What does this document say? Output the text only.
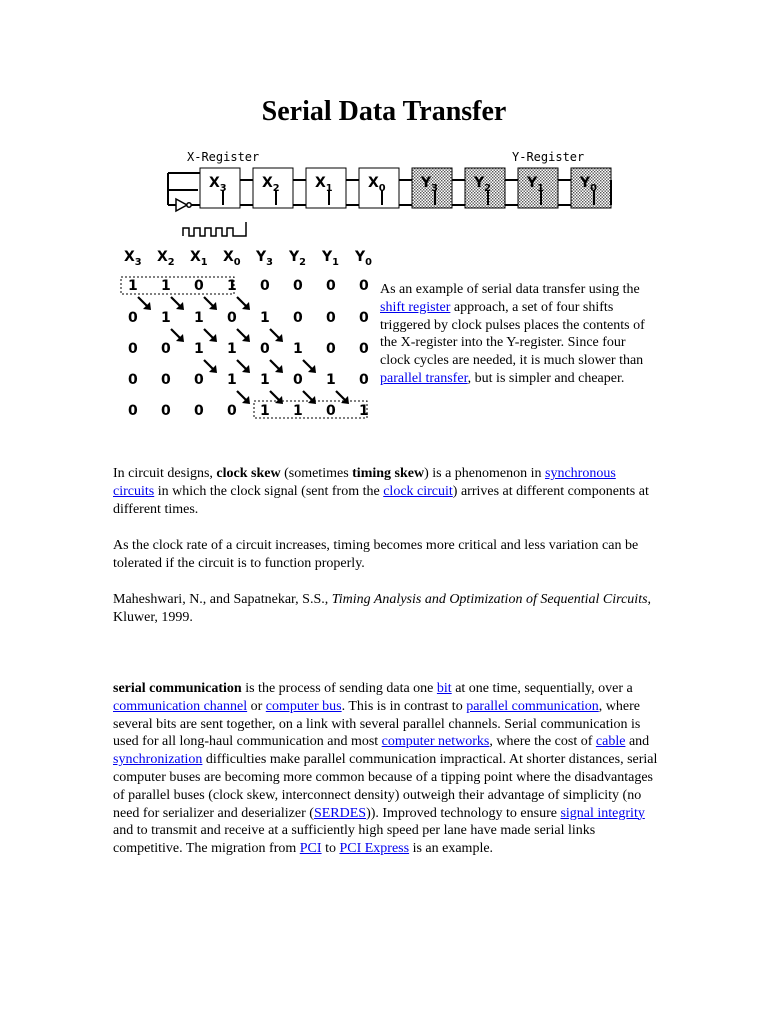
Serial Data Transfer
X-Register	Y-Register
$X_3$	$X_2$	$X_1$	$X_0$	$Y_3$	$Y_2$	$Y_1$	$Y_0$
$X_3$ $X_2$ $X_1$ $X_0$ $Y_3$ $Y_2$ $Y_1$ $Y_0$
1 1 0 1 0 0 0 0
0 1 1 0 1 0 0 0
0 0 1 1 0 1 0 0
0 0 0 1 1 0 1 0
0 0 0 0 1 1 0 1

As an example of serial data transfer using the shift register approach, a set of four shifts triggered by clock pulses places the contents of the X-register into the Y-register. Since four clock cycles are needed, it is much slower than parallel transfer, but is simpler and cheaper.

In circuit designs, clock skew (sometimes timing skew) is a phenomenon in synchronous circuits in which the clock signal (sent from the clock circuit) arrives at different components at different times.

As the clock rate of a circuit increases, timing becomes more critical and less variation can be tolerated if the circuit is to function properly.

Maheshwari, N., and Sapatnekar, S.S., Timing Analysis and Optimization of Sequential Circuits, Kluwer, 1999.

serial communication is the process of sending data one bit at one time, sequentially, over a communication channel or computer bus. This is in contrast to parallel communication, where several bits are sent together, on a link with several parallel channels. Serial communication is used for all long-haul communication and most computer networks, where the cost of cable and synchronization difficulties make parallel communication impractical. At shorter distances, serial computer buses are becoming more common because of a tipping point where the disadvantages of parallel buses (clock skew, interconnect density) outweigh their advantage of simplicity (no need for serializer and deserializer (SERDES)). Improved technology to ensure signal integrity and to transmit and receive at a sufficiently high speed per lane have made serial links competitive. The migration from PCI to PCI Express is an example.
